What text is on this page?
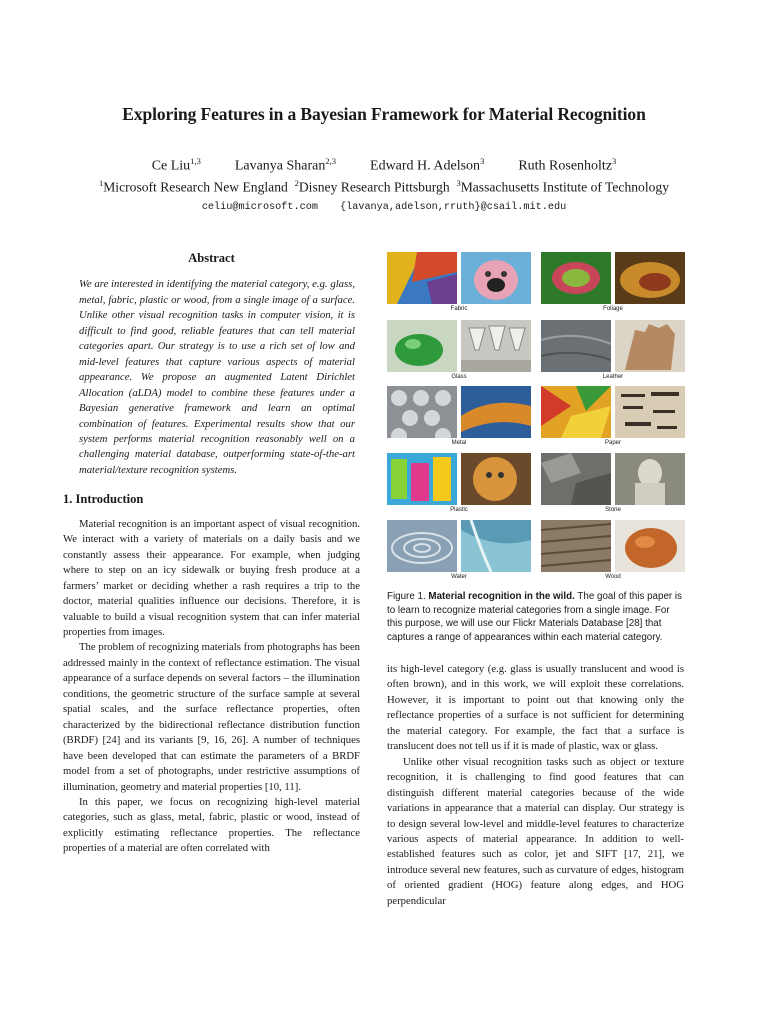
Exploring Features in a Bayesian Framework for Material Recognition
Ce Liu$^{1,3}$ Lavanya Sharan$^{2,3}$ Edward H. Adelson$^3$ Ruth Rosenholtz$^3$
$^1$Microsoft Research New England $^2$Disney Research Pittsburgh $^3$Massachusetts Institute of Technology
celiu@microsoft.com {lavanya,adelson,rruth}@csail.mit.edu
Abstract

We are interested in identifying the material category, e.g. glass, metal, fabric, plastic or wood, from a single image of a surface. Unlike other visual recognition tasks in computer vision, it is difficult to find good, reliable features that can tell material categories apart. Our strategy is to use a rich set of low and mid-level features that capture various aspects of material appearance. We propose an augmented Latent Dirichlet Allocation (aLDA) model to combine these features under a Bayesian generative framework and learn an optimal combination of features. Experimental results show that our system performs material recognition reasonably well on a challenging material database, outperforming state-of-the-art material/texture recognition systems.

1. Introduction

Material recognition is an important aspect of visual recognition. We interact with a variety of materials on a daily basis and we constantly assess their appearance. For example, when judging where to step on an icy sidewalk or buying fresh produce at a farmers’ market or deciding whether a rash requires a trip to the doctor, material qualities influence our decisions. Therefore, it is valuable to build a visual recognition system that can infer material properties from images.

The problem of recognizing materials from photographs has been addressed mainly in the context of reflectance estimation. The visual appearance of a surface depends on several factors – the illumination conditions, the geometric structure of the surface sample at several spatial scales, and the surface reflectance properties, often characterized by the bidirectional reflectance distribution function (BRDF) [24] and its variants [9, 16, 26]. A number of techniques have been developed that can estimate the parameters of a BRDF model from a set of photographs, under restrictive assumptions of illumination, geometry and material properties [10, 11].

In this paper, we focus on recognizing high-level material categories, such as glass, metal, fabric, plastic or wood, instead of explicitly estimating reflectance properties. The reflectance properties of a material are often correlated with

Fabric	Foliage
Glass	Leather
Metal	Paper
Plastic	Stone
Water	Wood
Figure 1. Material recognition in the wild. The goal of this paper is to learn to recognize material categories from a single image. For this purpose, we will use our Flickr Materials Database [28] that captures a range of appearances within each material category.

its high-level category (e.g. glass is usually translucent and wood is often brown), and in this work, we will exploit these correlations. However, it is important to point out that knowing only the reflectance properties of a surface is not sufficient for determining the material category. For example, the fact that a surface is translucent does not tell us if it is made of plastic, wax or glass.

Unlike other visual recognition tasks such as object or texture recognition, it is challenging to find good features that can distinguish different material categories because of the wide variations in appearance that a material can display. Our strategy is to design several low-level and middle-level features to characterize various aspects of material appearance. In addition to well-established features such as color, jet and SIFT [17, 21], we introduce several new features, such as curvature of edges, histogram of oriented gradient (HOG) feature along edges, and HOG perpendicular
